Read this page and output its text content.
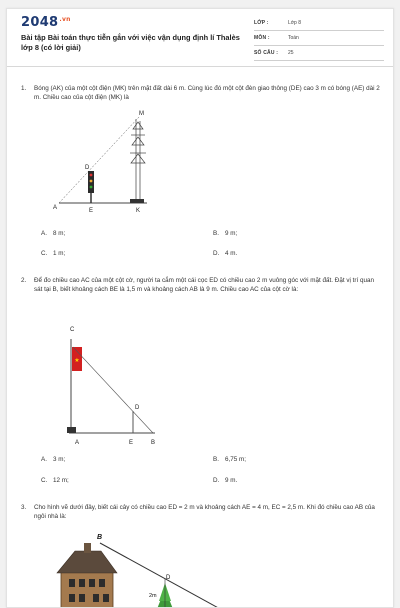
$2048^{.vn}$
Bài tập Bài toán thực tiễn gắn với việc vận dụng định lí Thalès lớp 8 (có lời giải)
LỚP :	Lớp 8
MÔN :	Toán
SỐ CÂU : 25
1. Bóng (AK) của một cột điện (MK) trên mặt đất dài 6 m. Cùng lúc đó một cột đèn giao thông (DE) cao 3 m có bóng (AE) dài 2 m. Chiều cao của cột điện (MK) là
M
D
A	E	K
A. 8 m;	B. 9 m;
C. 1 m;	D. 4 m.
2. Để đo chiều cao AC của một cột cờ, người ta cắm một cái cọc ED có chiều cao 2 m vuông góc với mặt đất. Đặt vị trí quan sát tại B, biết khoảng cách BE là 1,5 m và khoảng cách AB là 9 m. Chiều cao AC của cột cờ là:
★
C
D
A	E	B
A. 3 m;	B. 6,75 m;
C. 12 m;	D. 9 m.
3. Cho hình vẽ dưới đây, biết cái cây có chiều cao ED = 2 m và khoảng cách AE = 4 m, EC = 2,5 m. Khi đó chiều cao AB của ngôi nhà là:
B
D
2m
